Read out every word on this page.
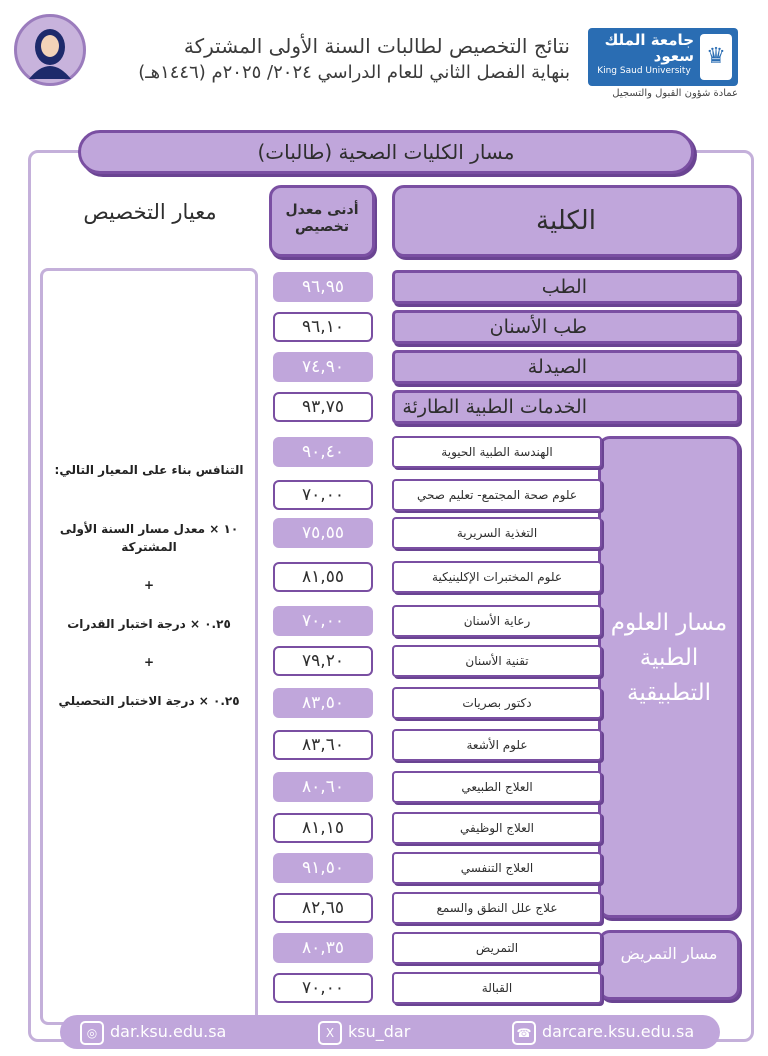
جامعة الملك سعود
King Saud University
♛
عمادة شؤون القبول والتسجيل
نتائج التخصيص لطالبات السنة الأولى المشتركة
بنهاية الفصل الثاني للعام الدراسي ٢٠٢٤/ ٢٠٢٥م (١٤٤٦هـ)
مسار الكليات الصحية (طالبات)
الكلية
أدنى معدل تخصيص
معيار التخصيص
التنافس بناء على المعيار التالي:
١٠ × معدل مسار السنة الأولى المشتركة
+
٠.٢٥ × درجة اختبار القدرات
+
٠.٢٥ × درجة الاختبار التحصيلي
الطب
٩٦,٩٥
طب الأسنان
٩٦,١٠
الصيدلة
٧٤,٩٠
الخدمات الطبية الطارئة
٩٣,٧٥
مسار العلوم الطبية التطبيقية
الهندسة الطبية الحيوية
٩٠,٤٠
علوم صحة المجتمع- تعليم صحي
٧٠,٠٠
التغذية السريرية
٧٥,٥٥
علوم المختبرات الإكلينيكية
٨١,٥٥
رعاية الأسنان
٧٠,٠٠
تقنية الأسنان
٧٩,٢٠
دكتور بصريات
٨٣,٥٠
علوم الأشعة
٨٣,٦٠
العلاج الطبيعي
٨٠,٦٠
العلاج الوظيفي
٨١,١٥
العلاج التنفسي
٩١,٥٠
علاج علل النطق والسمع
٨٢,٦٥
مسار التمريض
التمريض
٨٠,٣٥
القبالة
٧٠,٠٠
◎ dar.ksu.edu.sa	X ksu_dar	☎ darcare.ksu.edu.sa
